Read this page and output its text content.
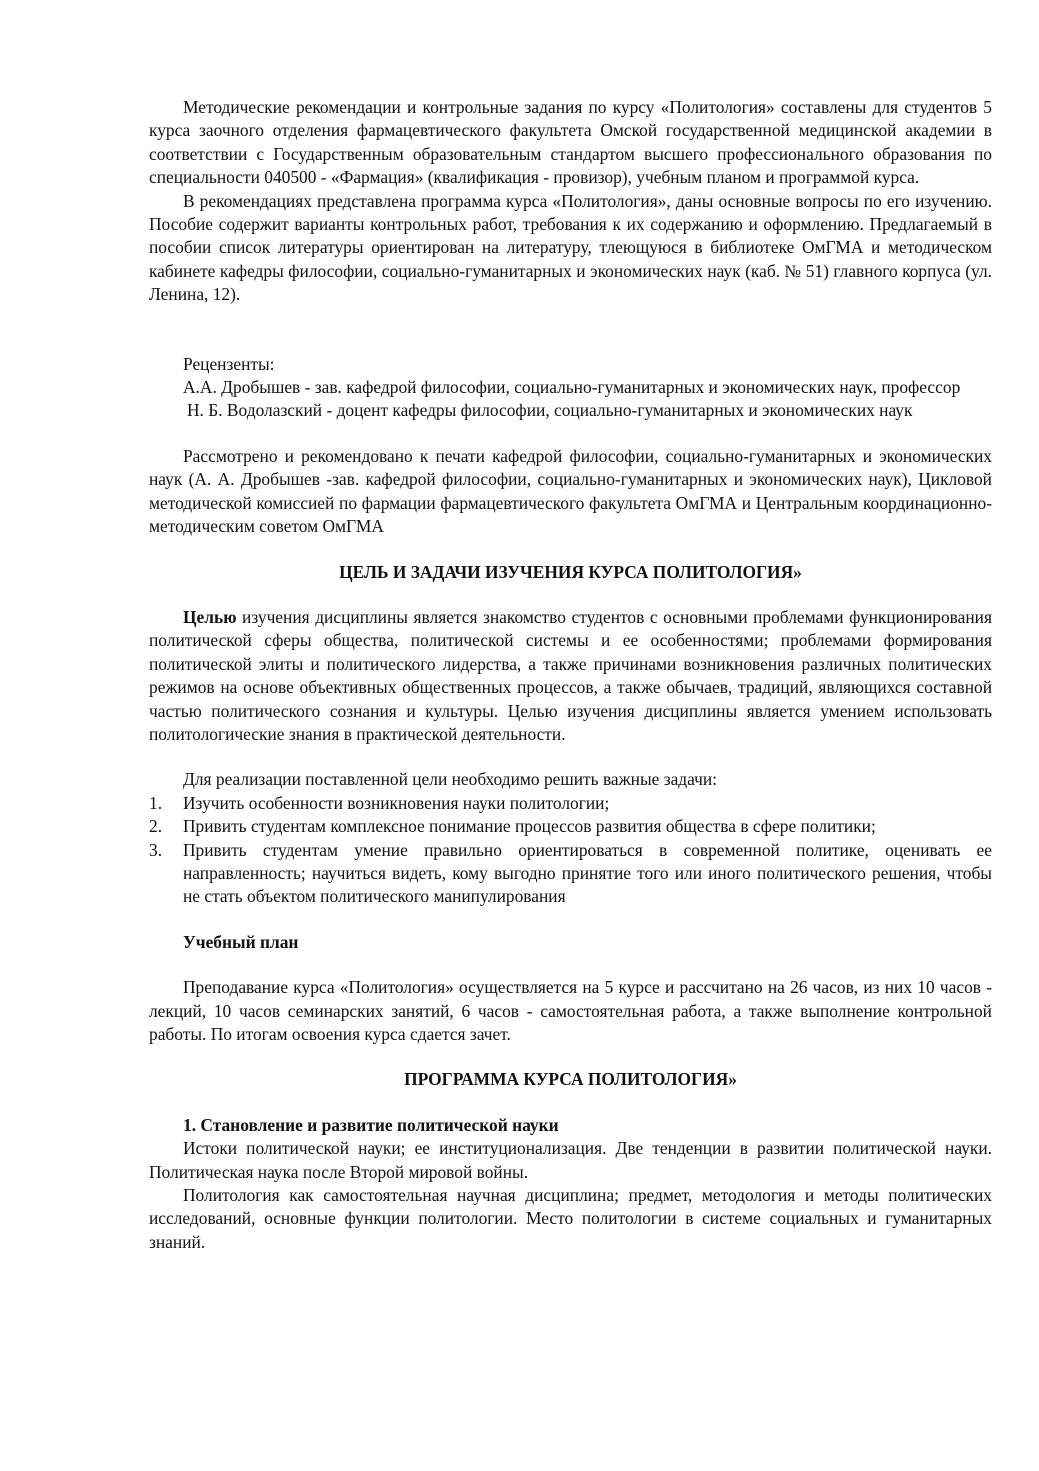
Методические рекомендации и контрольные задания по курсу «Политология» составлены для студентов 5 курса заочного отделения фармацевтического факультета Омской государственной медицинской академии в соответствии с Государственным образовательным стандартом высшего профессионального образования по специальности 040500 - «Фармация» (квалификация - провизор), учебным планом и программой курса.

В рекомендациях представлена программа курса «Политология», даны основные вопросы по его изучению. Пособие содержит варианты контрольных работ, требования к их содержанию и оформлению. Предлагаемый в пособии список литературы ориентирован на литературу, тлеющуюся в библиотеке ОмГМА и методическом кабинете кафедры философии, социально-гуманитарных и экономических наук (каб. № 51) главного корпуса (ул. Ленина, 12).

Рецензенты:

А.А. Дробышев - зав. кафедрой философии, социально-гуманитарных и экономических наук, профессор

Н. Б. Водолазский - доцент кафедры философии, социально-гуманитарных и экономических наук

Рассмотрено и рекомендовано к печати кафедрой философии, социально-гуманитарных и экономических наук (А. А. Дробышев -зав. кафедрой философии, социально-гуманитарных и экономических наук), Цикловой методической комиссией по фармации фармацевтического факультета ОмГМА и Центральным координационно-методическим советом ОмГМА

ЦЕЛЬ И ЗАДАЧИ ИЗУЧЕНИЯ КУРСА ПОЛИТОЛОГИЯ»

Целью изучения дисциплины является знакомство студентов с основными проблемами функционирования политической сферы общества, политической системы и ее особенностями; проблемами формирования политической элиты и политического лидерства, а также причинами возникновения различных политических режимов на основе объективных общественных процессов, а также обычаев, традиций, являющихся составной частью политического сознания и культуры. Целью изучения дисциплины является умением использовать политологические знания в практической деятельности.

Для реализации поставленной цели необходимо решить важные задачи:

1.	Изучить особенности возникновения науки политологии;
2.	Привить студентам комплексное понимание процессов развития общества в сфере политики;
3.	Привить студентам умение правильно ориентироваться в современной политике, оценивать ее направленность; научиться видеть, кому выгодно принятие того или иного политического решения, чтобы не стать объектом политического манипулирования

Учебный план

Преподавание курса «Политология» осуществляется на 5 курсе и рассчитано на 26 часов, из них 10 часов - лекций, 10 часов семинарских занятий, 6 часов - самостоятельная работа, а также выполнение контрольной работы. По итогам освоения курса сдается зачет.

ПРОГРАММА КУРСА ПОЛИТОЛОГИЯ»

1. Становление и развитие политической науки

Истоки политической науки; ее институционализация. Две тенденции в развитии политической науки. Политическая наука после Второй мировой войны.

Политология как самостоятельная научная дисциплина; предмет, методология и методы политических исследований, основные функции политологии. Место политологии в системе социальных и гуманитарных знаний.
